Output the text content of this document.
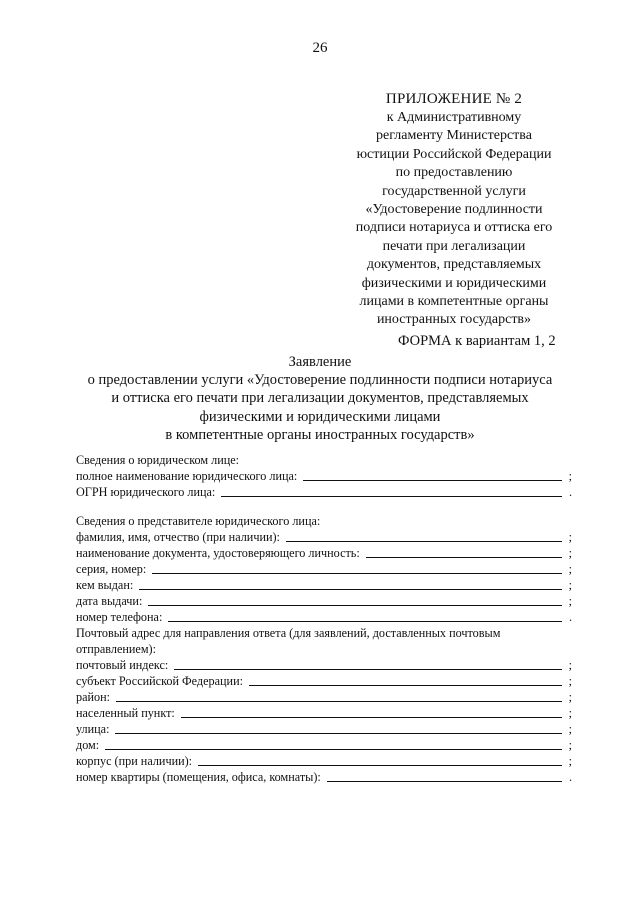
26
ПРИЛОЖЕНИЕ № 2
к Административному
регламенту Министерства
юстиции Российской Федерации
по предоставлению
государственной услуги
«Удостоверение подлинности
подписи нотариуса и оттиска его
печати при легализации
документов, представляемых
физическими и юридическими
лицами в компетентные органы
иностранных государств»
ФОРМА к вариантам 1, 2
Заявление
о предоставлении услуги «Удостоверение подлинности подписи нотариуса
и оттиска его печати при легализации документов, представляемых
физическими и юридическими лицами
в компетентные органы иностранных государств»
Сведения о юридическом лице:
полное наименование юридического лица:	;
ОГРН юридического лица:	.
Сведения о представителе юридического лица:
фамилия, имя, отчество (при наличии):	;
наименование документа, удостоверяющего личность:	;
серия, номер:	;
кем выдан:	;
дата выдачи:	;
номер телефона:	.
Почтовый адрес для направления ответа (для заявлений, доставленных почтовым
отправлением):
почтовый индекс:	;
субъект Российской Федерации:	;
район:	;
населенный пункт:	;
улица:	;
дом:	;
корпус (при наличии):	;
номер квартиры (помещения, офиса, комнаты):	.
